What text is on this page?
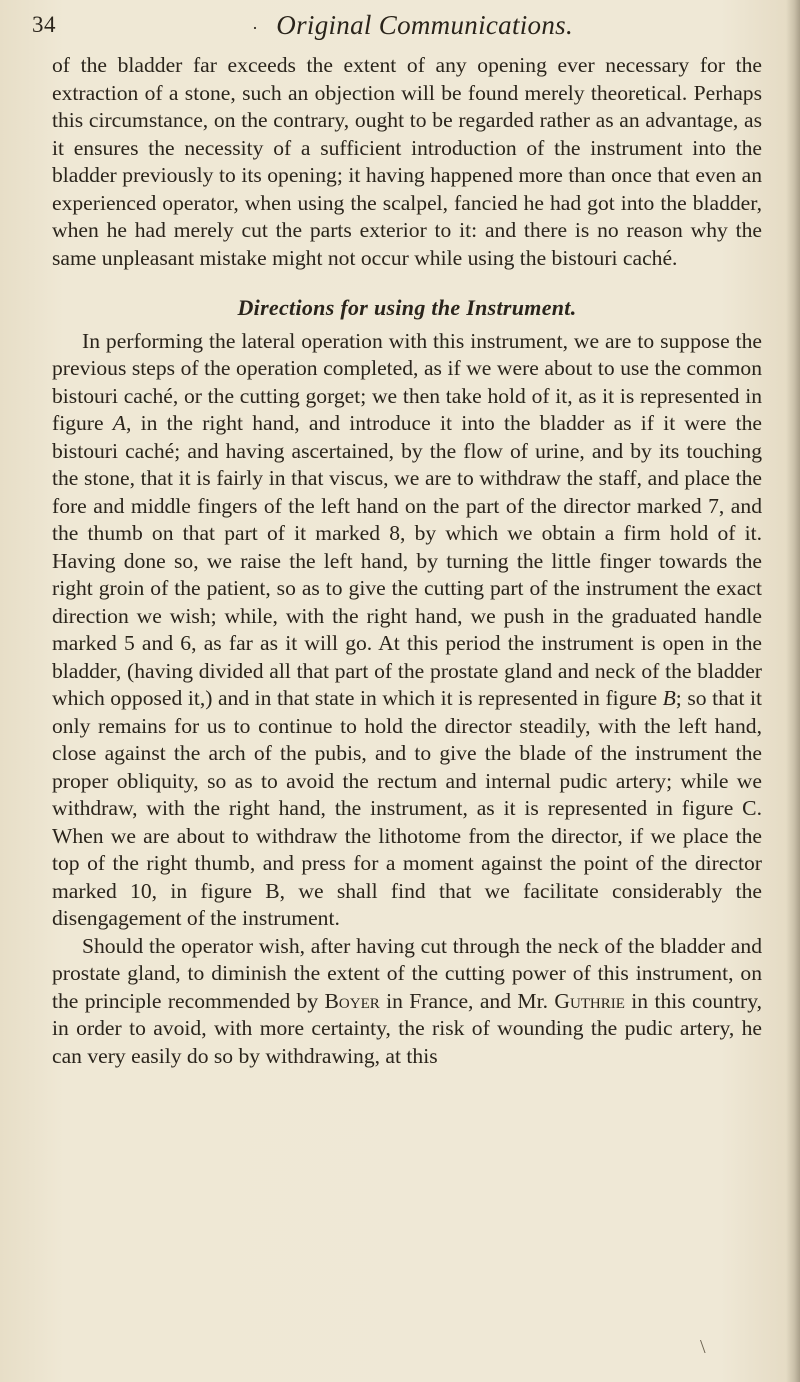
34	· Original Communications.

of the bladder far exceeds the extent of any opening ever necessary for the extraction of a stone, such an objection will be found merely theoretical. Perhaps this circumstance, on the contrary, ought to be regarded rather as an advantage, as it ensures the necessity of a sufficient introduction of the instrument into the bladder previously to its opening; it having happened more than once that even an experienced operator, when using the scalpel, fancied he had got into the bladder, when he had merely cut the parts exterior to it: and there is no reason why the same unpleasant mistake might not occur while using the bistouri caché.

Directions for using the Instrument.

In performing the lateral operation with this instrument, we are to suppose the previous steps of the operation completed, as if we were about to use the common bistouri caché, or the cutting gorget; we then take hold of it, as it is represented in figure A, in the right hand, and introduce it into the bladder as if it were the bistouri caché; and having ascertained, by the flow of urine, and by its touching the stone, that it is fairly in that viscus, we are to withdraw the staff, and place the fore and middle fingers of the left hand on the part of the director marked 7, and the thumb on that part of it marked 8, by which we obtain a firm hold of it. Having done so, we raise the left hand, by turning the little finger towards the right groin of the patient, so as to give the cutting part of the instrument the exact direction we wish; while, with the right hand, we push in the graduated handle marked 5 and 6, as far as it will go. At this period the instrument is open in the bladder, (having divided all that part of the prostate gland and neck of the bladder which opposed it,) and in that state in which it is represented in figure B; so that it only remains for us to continue to hold the director steadily, with the left hand, close against the arch of the pubis, and to give the blade of the instrument the proper obliquity, so as to avoid the rectum and internal pudic artery; while we withdraw, with the right hand, the instrument, as it is represented in figure C. When we are about to withdraw the lithotome from the director, if we place the top of the right thumb, and press for a moment against the point of the director marked 10, in figure B, we shall find that we facilitate considerably the disengagement of the instrument.

Should the operator wish, after having cut through the neck of the bladder and prostate gland, to diminish the extent of the cutting power of this instrument, on the principle recommended by Boyer in France, and Mr. Guthrie in this country, in order to avoid, with more certainty, the risk of wounding the pudic artery, he can very easily do so by withdrawing, at this

\
